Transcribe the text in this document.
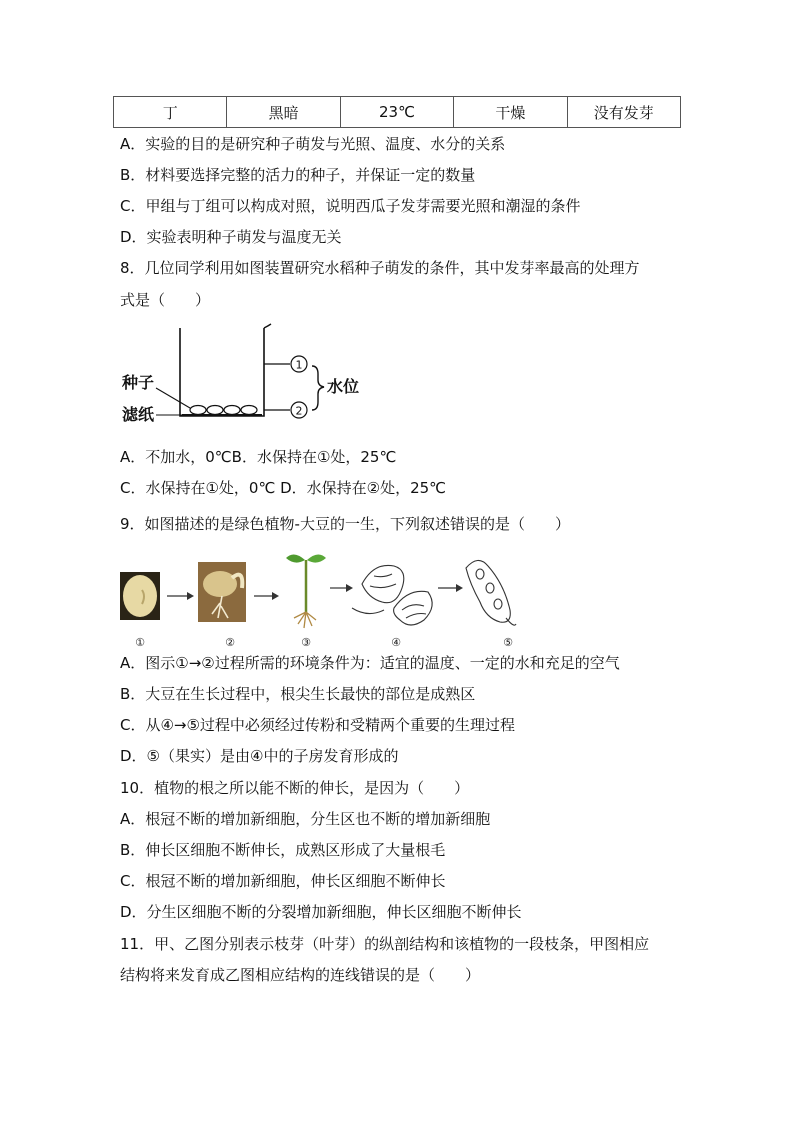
丁	黑暗	23℃	干燥	没有发芽
A．实验的目的是研究种子萌发与光照、温度、水分的关系
B．材料要选择完整的活力的种子，并保证一定的数量
C．甲组与丁组可以构成对照，说明西瓜子发芽需要光照和潮湿的条件
D．实验表明种子萌发与温度无关
8．几位同学利用如图装置研究水稻种子萌发的条件，其中发芽率最高的处理方
式是（　　）
1
2
水位
种子
滤纸
A．不加水，0℃B．水保持在①处，25℃
C．水保持在①处，0℃ D．水保持在②处，25℃
9．如图描述的是绿色植物-大豆的一生，下列叙述错误的是（　　）
①	②	③	④	⑤
A．图示①→②过程所需的环境条件为：适宜的温度、一定的水和充足的空气
B．大豆在生长过程中，根尖生长最快的部位是成熟区
C．从④→⑤过程中必须经过传粉和受精两个重要的生理过程
D．⑤（果实）是由④中的子房发育形成的
10．植物的根之所以能不断的伸长，是因为（　　）
A．根冠不断的增加新细胞，分生区也不断的增加新细胞
B．伸长区细胞不断伸长，成熟区形成了大量根毛
C．根冠不断的增加新细胞，伸长区细胞不断伸长
D．分生区细胞不断的分裂增加新细胞，伸长区细胞不断伸长
11．甲、乙图分别表示枝芽（叶芽）的纵剖结构和该植物的一段枝条，甲图相应
结构将来发育成乙图相应结构的连线错误的是（　　）
